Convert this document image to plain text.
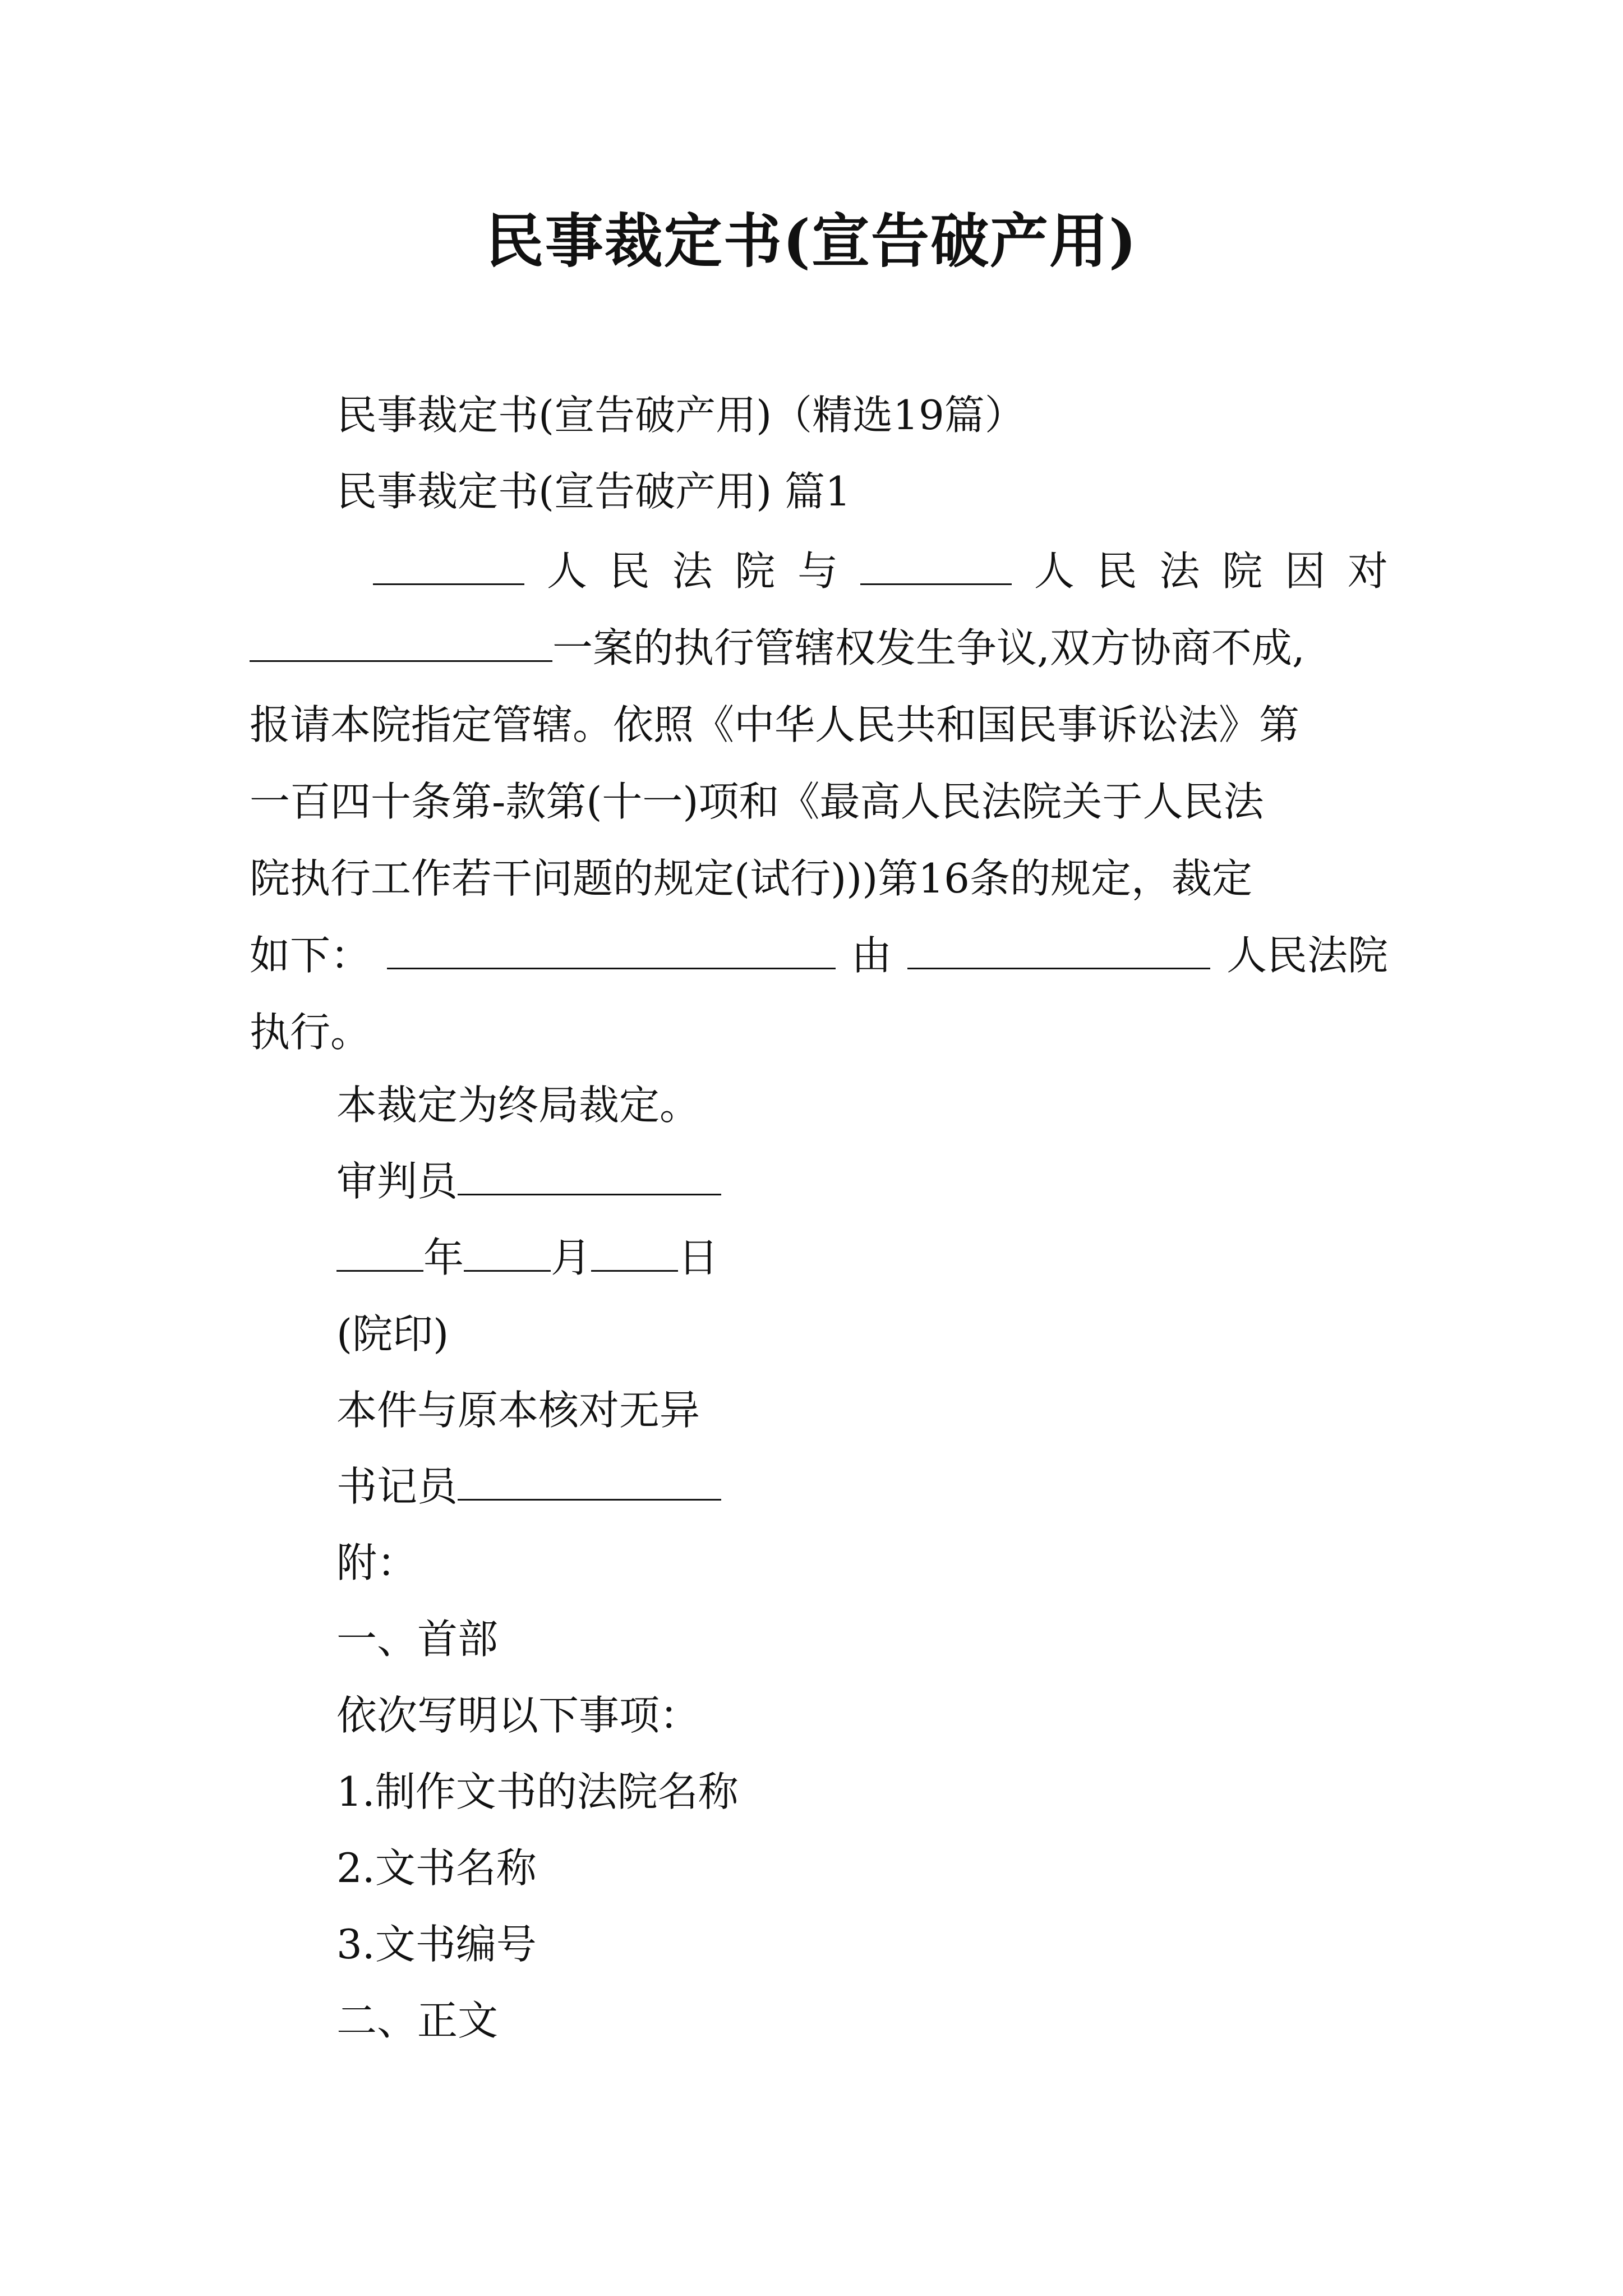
民事裁定书(宣告破产用)
民事裁定书(宣告破产用)（精选19篇）
民事裁定书(宣告破产用) 篇1
人 民 法 院 与	人 民 法 院 因 对
一案的执行管辖权发生争议,双方协商不成,
报请本院指定管辖。依照《中华人民共和国民事诉讼法》第
一百四十条第-款第(十一)项和《最高人民法院关于人民法
院执行工作若干问题的规定(试行)))第16条的规定，裁定
如下：	由	人民法院
执行。
本裁定为终局裁定。
审判员
年 月 日
(院印)
本件与原本核对无异
书记员
附：
一、首部
依次写明以下事项：
1.制作文书的法院名称
2.文书名称
3.文书编号
二、正文
